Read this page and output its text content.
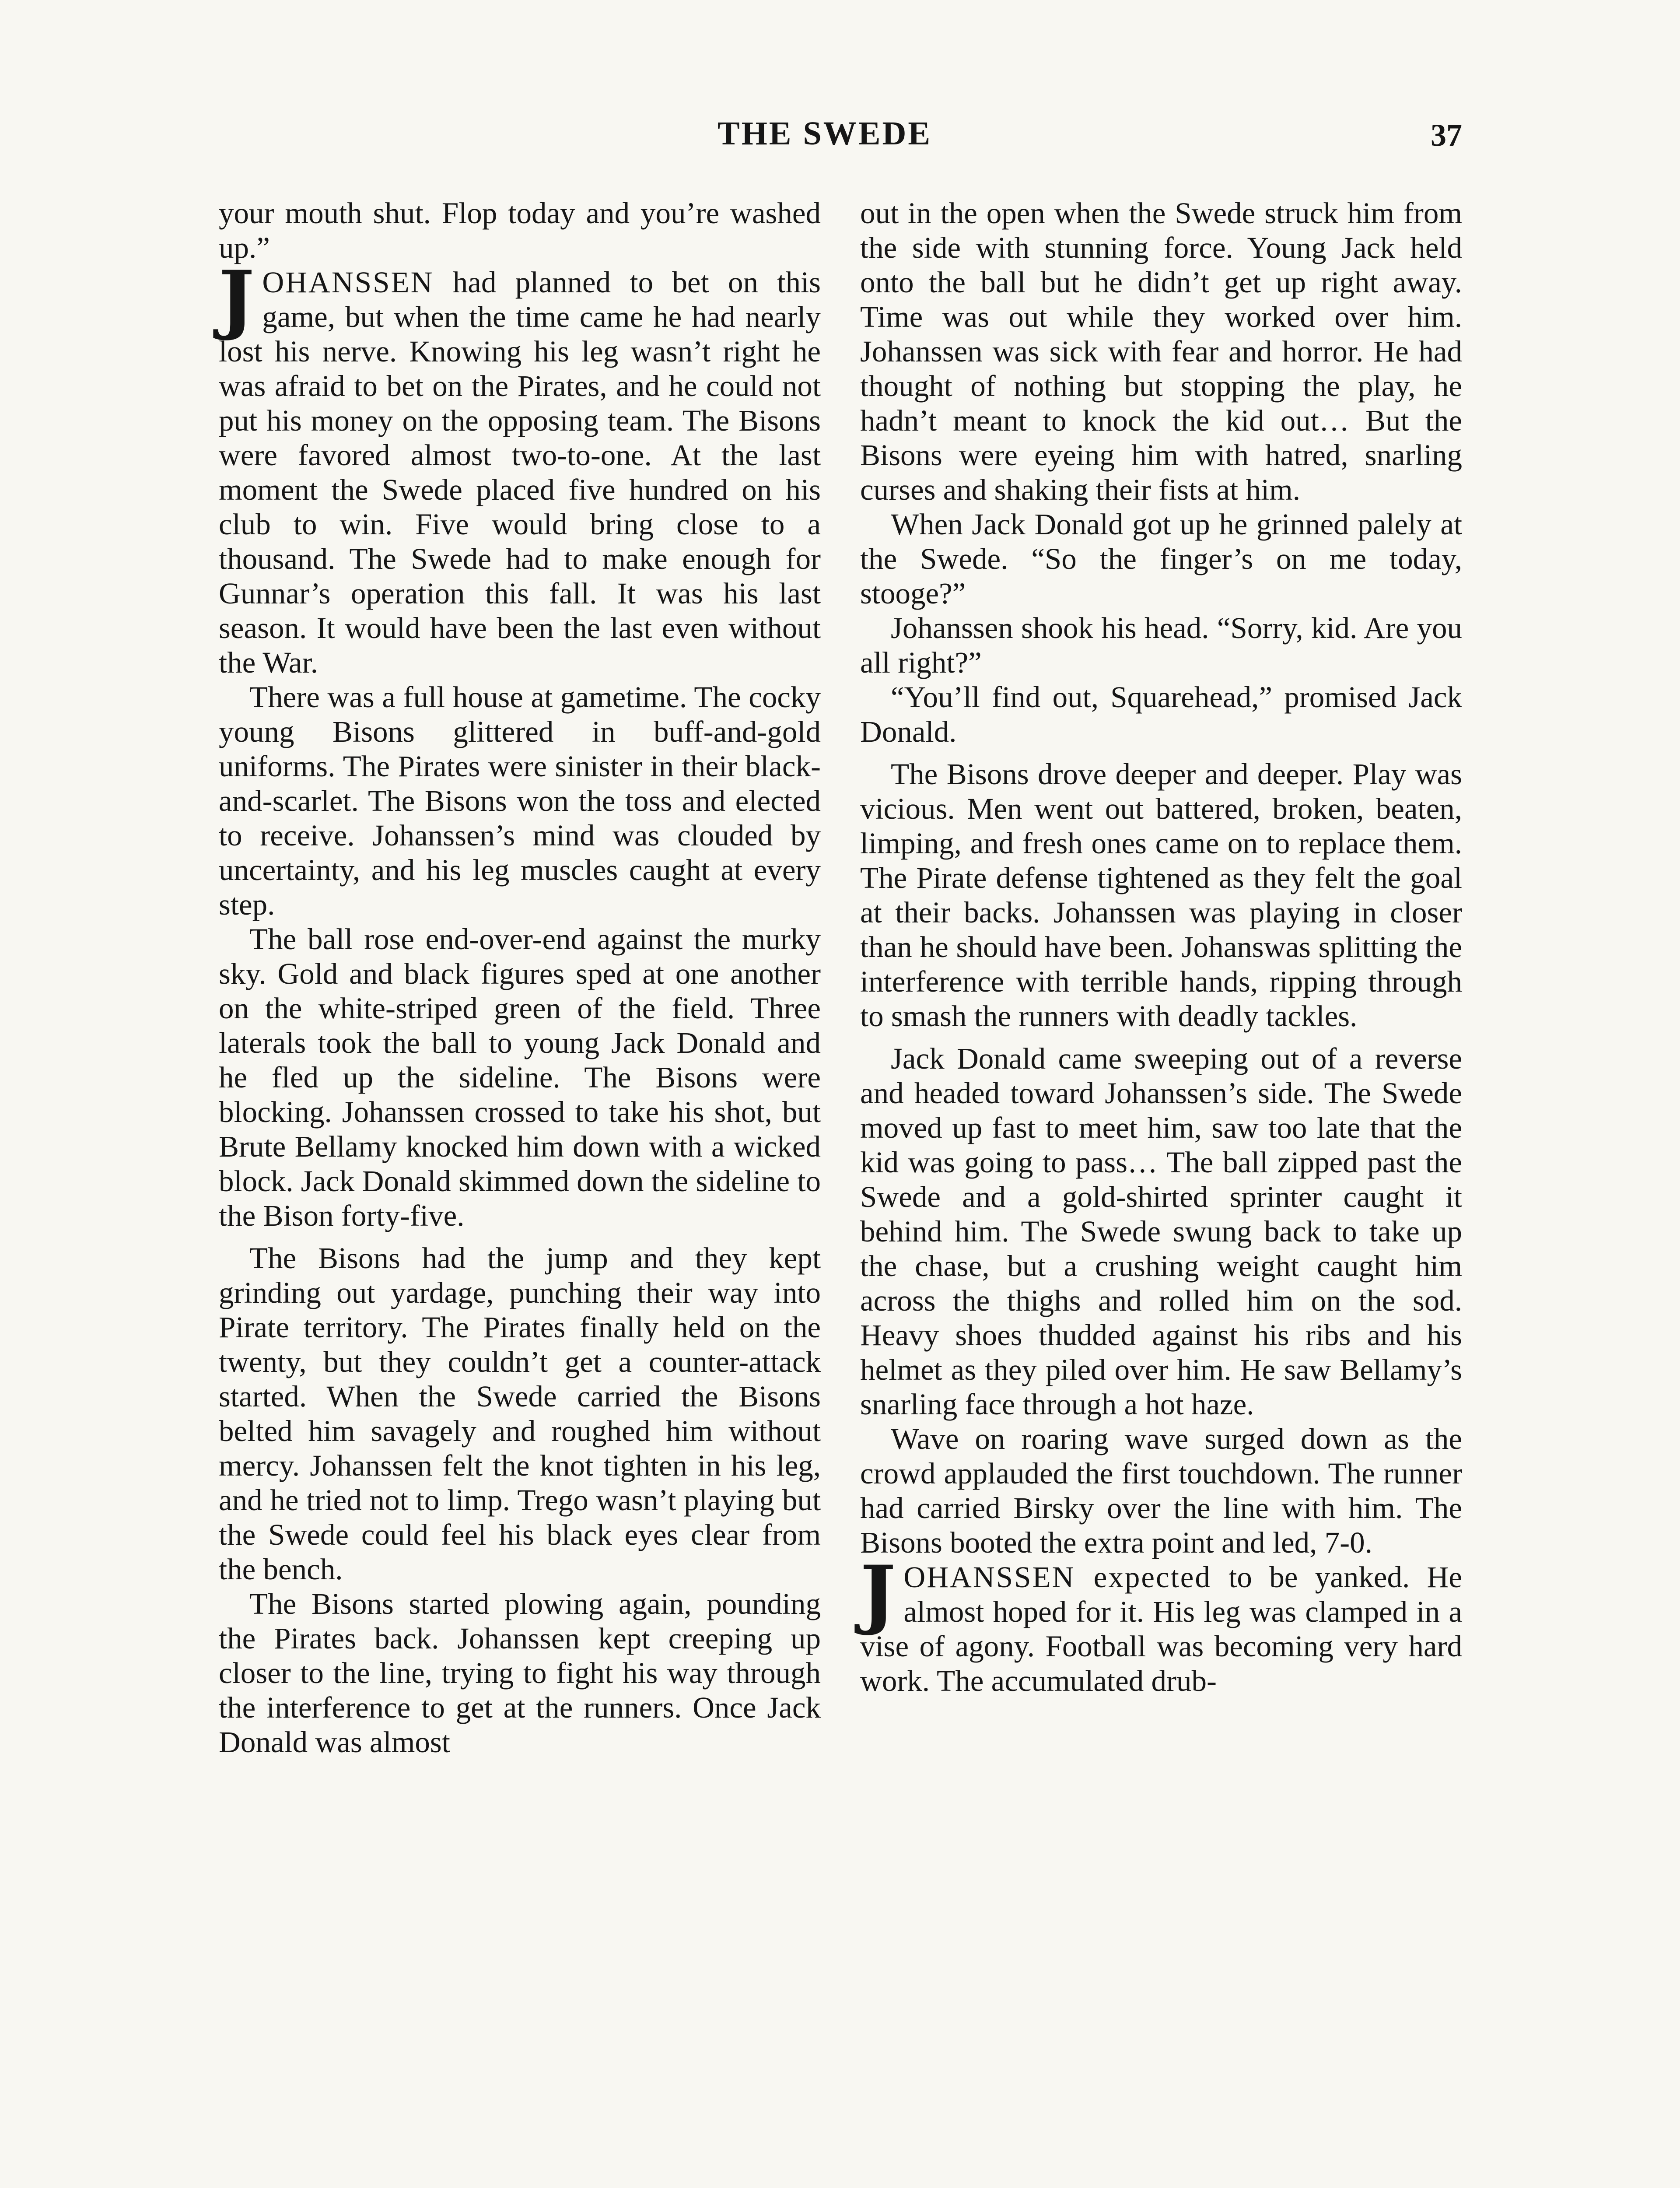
THE SWEDE	37

your mouth shut. Flop today and you’re washed up.”

JOHANSSEN had planned to bet on this game, but when the time came he had nearly lost his nerve. Knowing his leg wasn’t right he was afraid to bet on the Pirates, and he could not put his money on the opposing team. The Bisons were favored almost two-to-one. At the last moment the Swede placed five hundred on his club to win. Five would bring close to a thousand. The Swede had to make enough for Gunnar’s operation this fall. It was his last season. It would have been the last even without the War.

There was a full house at gametime. The cocky young Bisons glittered in buff-and-gold uniforms. The Pirates were sinister in their black-and-scarlet. The Bisons won the toss and elected to receive. Johanssen’s mind was clouded by uncertainty, and his leg muscles caught at every step.

The ball rose end-over-end against the murky sky. Gold and black figures sped at one another on the white-striped green of the field. Three laterals took the ball to young Jack Donald and he fled up the sideline. The Bisons were blocking. Johanssen crossed to take his shot, but Brute Bellamy knocked him down with a wicked block. Jack Donald skimmed down the sideline to the Bison forty-five.

The Bisons had the jump and they kept grinding out yardage, punching their way into Pirate territory. The Pirates finally held on the twenty, but they couldn’t get a counter-attack started. When the Swede carried the Bisons belted him savagely and roughed him without mercy. Johanssen felt the knot tighten in his leg, and he tried not to limp. Trego wasn’t playing but the Swede could feel his black eyes clear from the bench.

The Bisons started plowing again, pounding the Pirates back. Johanssen kept creeping up closer to the line, trying to fight his way through the interference to get at the runners. Once Jack Donald was almost

out in the open when the Swede struck him from the side with stunning force. Young Jack held onto the ball but he didn’t get up right away. Time was out while they worked over him. Johanssen was sick with fear and horror. He had thought of nothing but stopping the play, he hadn’t meant to knock the kid out… But the Bisons were eyeing him with hatred, snarling curses and shaking their fists at him.

When Jack Donald got up he grinned palely at the Swede. “So the finger’s on me today, stooge?”

Johanssen shook his head. “Sorry, kid. Are you all right?”

“You’ll find out, Squarehead,” promised Jack Donald.

The Bisons drove deeper and deeper. Play was vicious. Men went out battered, broken, beaten, limping, and fresh ones came on to replace them. The Pirate defense tightened as they felt the goal at their backs. Johanssen was playing in closer than he should have been. Johanswas splitting the interference with terrible hands, ripping through to smash the runners with deadly tackles.

Jack Donald came sweeping out of a reverse and headed toward Johanssen’s side. The Swede moved up fast to meet him, saw too late that the kid was going to pass… The ball zipped past the Swede and a gold-shirted sprinter caught it behind him. The Swede swung back to take up the chase, but a crushing weight caught him across the thighs and rolled him on the sod. Heavy shoes thudded against his ribs and his helmet as they piled over him. He saw Bellamy’s snarling face through a hot haze.

Wave on roaring wave surged down as the crowd applauded the first touchdown. The runner had carried Birsky over the line with him. The Bisons booted the extra point and led, 7-0.

JOHANSSEN expected to be yanked. He almost hoped for it. His leg was clamped in a vise of agony. Football was becoming very hard work. The accumulated drub-
